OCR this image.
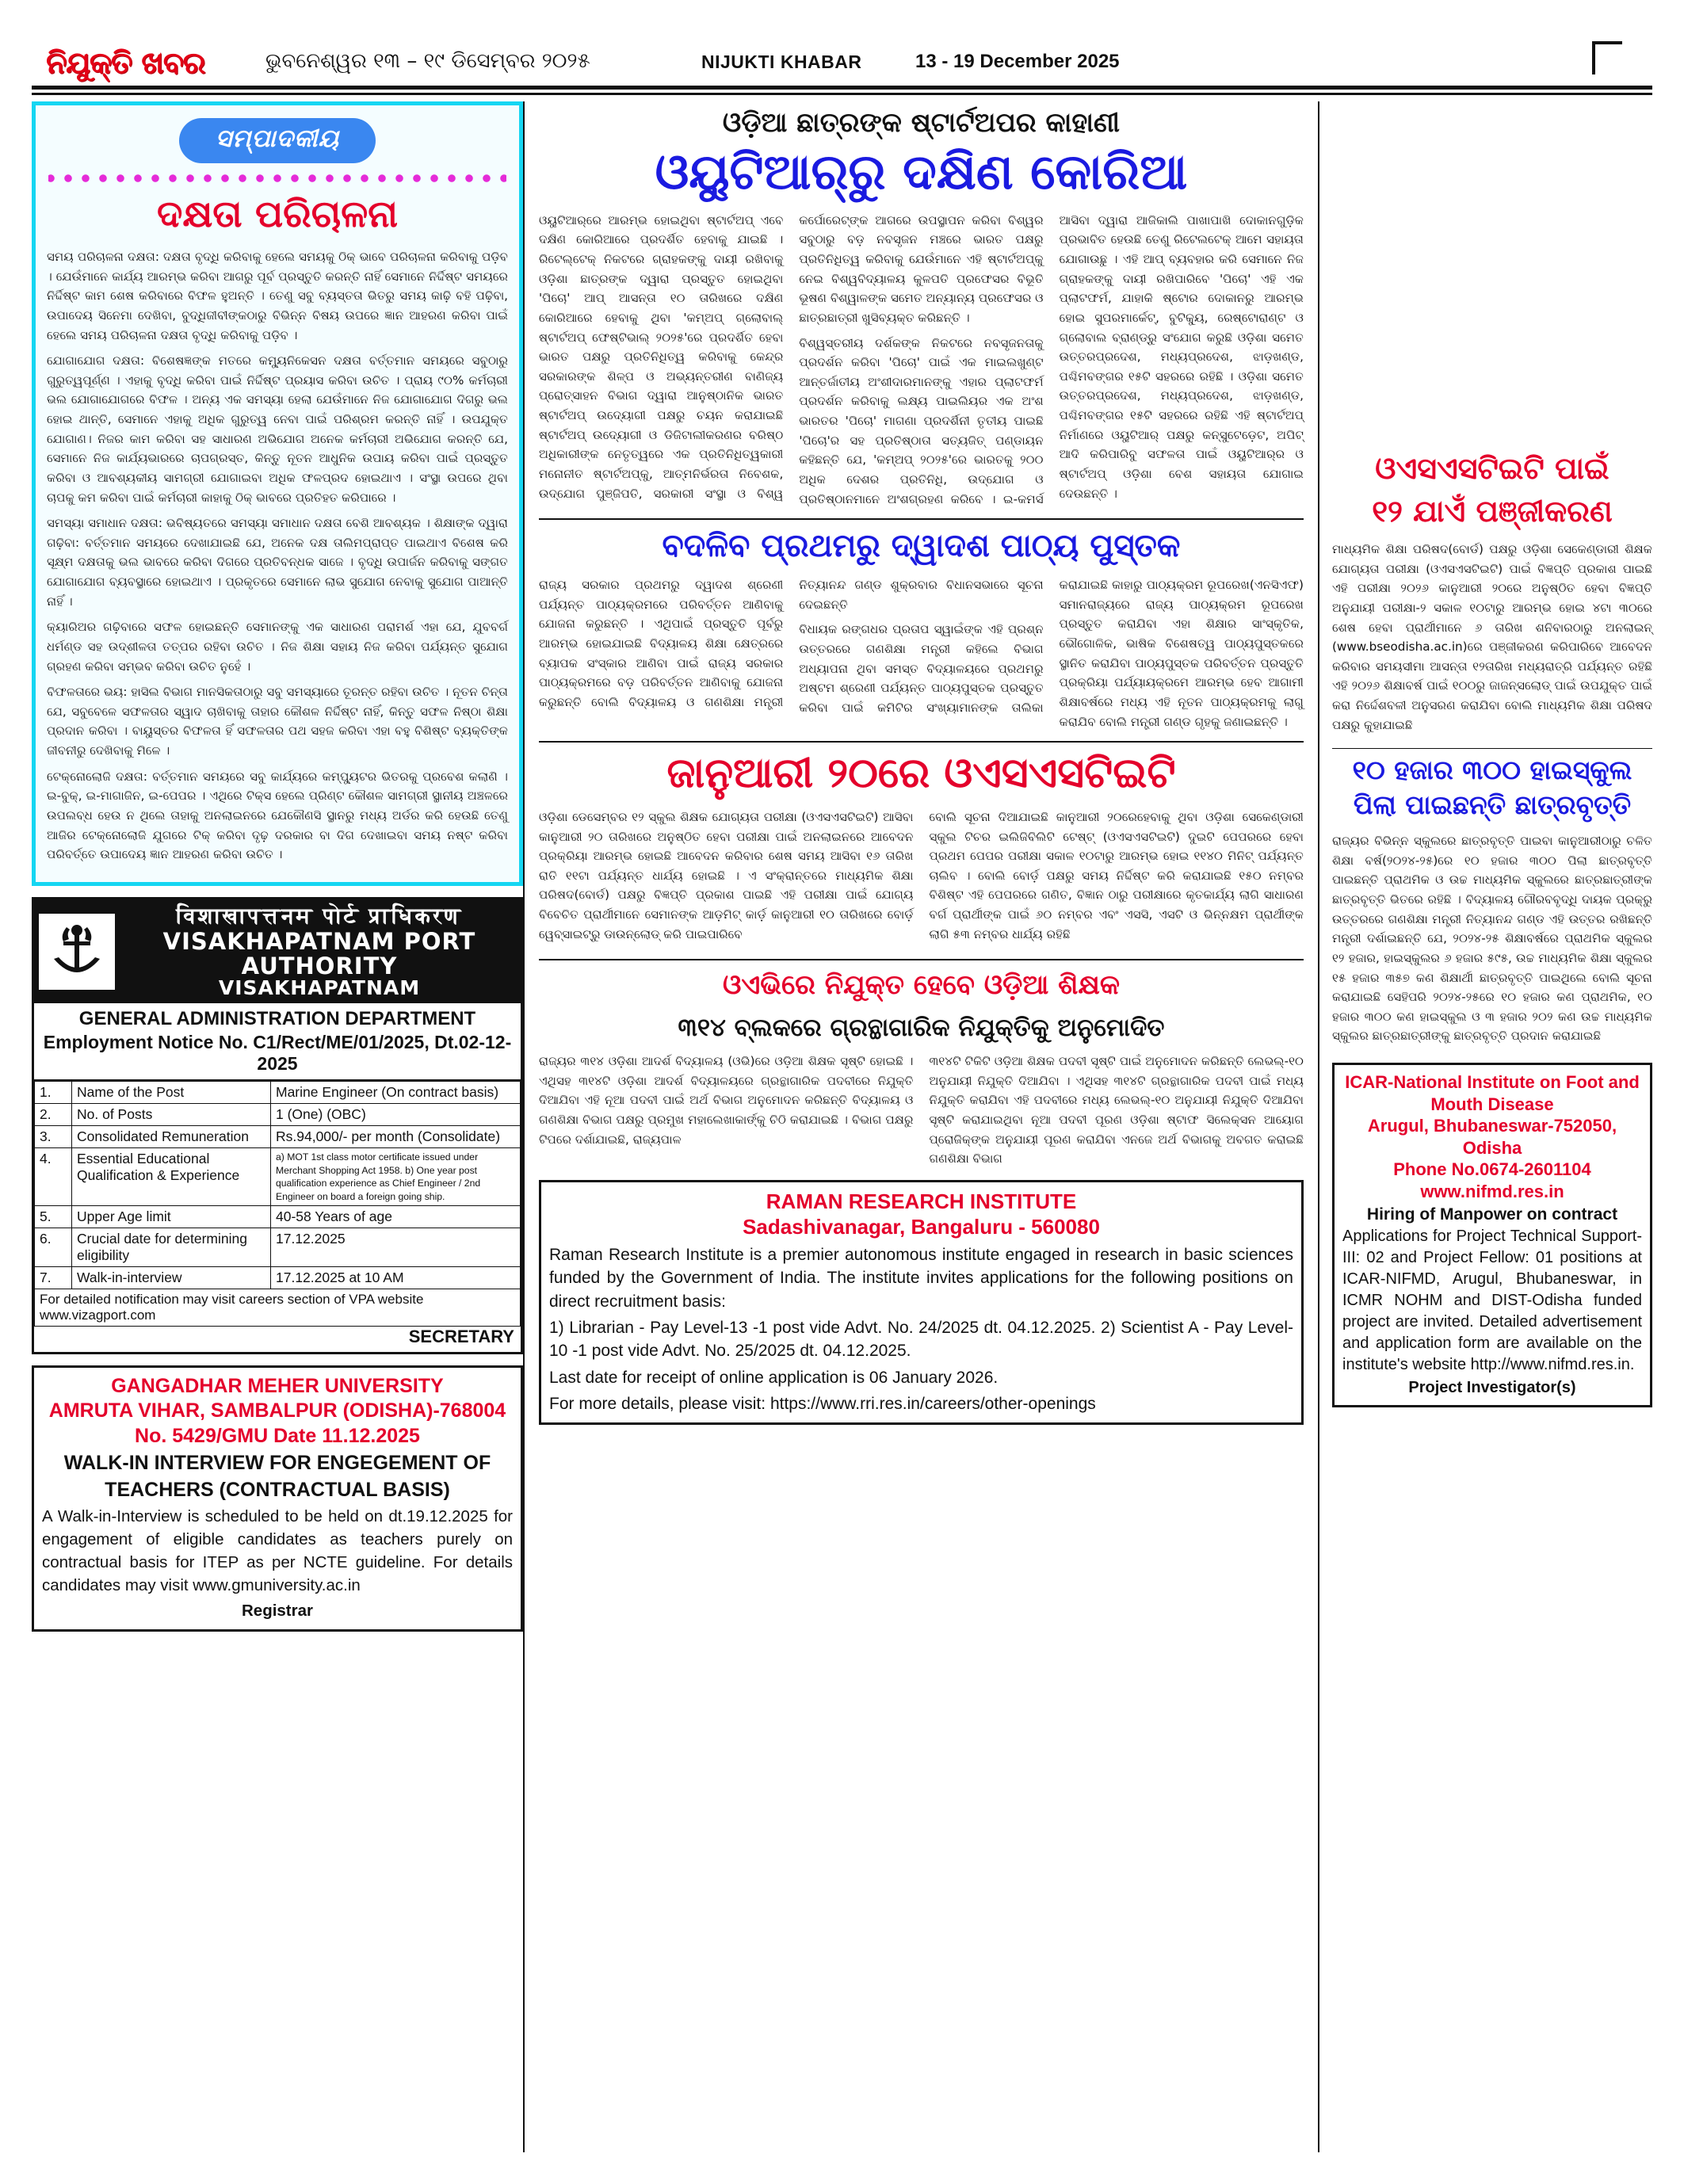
ନିଯୁକ୍ତି ଖବର	ଭୁବନେଶ୍ୱର ୧୩ – ୧୯ ଡିସେମ୍ବର ୨୦୨୫	NIJUKTI KHABAR	13 - 19 December 2025
ସମ୍ପାଦକୀୟ
ଦକ୍ଷତା ପରିଚାଳନା

ସମୟ ପରିଚାଳନା ଦକ୍ଷତା: ଦକ୍ଷତା ବୃଦ୍ଧି କରିବାକୁ ହେଲେ ସମୟକୁ ଠିକ୍ ଭାବେ ପରିଚାଳନା କରିବାକୁ ପଡ଼ିବ । ଯେଉଁମାନେ କାର୍ଯ୍ୟ ଆରମ୍ଭ କରିବା ଆଗରୁ ପୂର୍ବ ପ୍ରସ୍ତୁତି କରନ୍ତି ନାହିଁ ସେମାନେ ନିର୍ଦ୍ଦିଷ୍ଟ ସମୟରେ ନିର୍ଦ୍ଦିଷ୍ଟ କାମ ଶେଷ କରିବାରେ ବିଫଳ ହୁଅନ୍ତି । ତେଣୁ ସବୁ ବ୍ୟସ୍ତତା ଭିତରୁ ସମୟ କାଢ଼ି ବହି ପଢ଼ିବା, ଉପାଦେୟ ସିନେମା ଦେଖିବା, ବୁଦ୍ଧିଜୀବୀଙ୍କଠାରୁ ବିଭିନ୍ନ ବିଷୟ ଉପରେ ଜ୍ଞାନ ଆହରଣ କରିବା ପାଇଁ ହେଲେ ସମୟ ପରିଚାଳନା ଦକ୍ଷତା ବୃଦ୍ଧି କରିବାକୁ ପଡ଼ିବ ।

ଯୋଗାଯୋଗ ଦକ୍ଷତା: ବିଶେଷଜ୍ଞଙ୍କ ମତରେ କମ୍ୟୁନିକେସନ ଦକ୍ଷତା ବର୍ତ୍ତମାନ ସମୟରେ ସବୁଠାରୁ ଗୁରୁତ୍ୱପୂର୍ଣ୍ଣ । ଏହାକୁ ବୃଦ୍ଧି କରିବା ପାଇଁ ନିର୍ଦ୍ଦିଷ୍ଟ ପ୍ରୟାସ କରିବା ଉଚିତ । ପ୍ରାୟ ୯୦% କର୍ମଚାରୀ ଭଲ ଯୋଗାଯୋଗରେ ବିଫଳ । ଅନ୍ୟ ଏକ ସମସ୍ୟା ହେଲା ଯେଉଁମାନେ ନିଜ ଯୋଗାଯୋଗ ଦିଗରୁ ଭଲ ହୋଇ ଥାନ୍ତି, ସେମାନେ ଏହାକୁ ଅଧିକ ଗୁରୁତ୍ୱ ନେବା ପାଇଁ ପରିଶ୍ରମ କରନ୍ତି ନାହିଁ । ଉପଯୁକ୍ତ ଯୋଗାଣ। ନିଜର କାମ କରିବା ସହ ସାଧାରଣ ଅଭିଯୋଗ ଅନେକ କର୍ମଚାରୀ ଅଭିଯୋଗ କରନ୍ତି ଯେ, ସେମାନେ ନିଜ କାର୍ଯ୍ୟଭାରରେ ଚାପଗ୍ରସ୍ତ, କିନ୍ତୁ ନୂତନ ଆଧୁନିକ ଉପାୟ କରିବା ପାଇଁ ପ୍ରସ୍ତୁତ କରିବା ଓ ଆବଶ୍ୟକୀୟ ସାମଗ୍ରୀ ଯୋଗାଇବା ଅଧିକ ଫଳପ୍ରଦ ହୋଇଥାଏ । ସଂସ୍ଥା ଉପରେ ଥିବା ଚାପକୁ କମ କରିବା ପାଇଁ କର୍ମଚାରୀ କାହାକୁ ଠିକ୍ ଭାବରେ ପ୍ରତିହତ କରିପାରେ ।

ସମସ୍ୟା ସମାଧାନ ଦକ୍ଷତା: ଭବିଷ୍ୟତରେ ସମସ୍ୟା ସମାଧାନ ଦକ୍ଷତା ବେଶି ଆବଶ୍ୟକ । ଶିକ୍ଷାଙ୍କ ଦ୍ୱାରା ଗଢ଼ିବା: ବର୍ତ୍ତମାନ ସମୟରେ ଦେଖାଯାଇଛି ଯେ, ଅନେକ ଦକ୍ଷ ତାଲିମପ୍ରାପ୍ତ ପାଇଥାଏ ବିଶେଷ କରି ସୂକ୍ଷ୍ମ ଦକ୍ଷତାକୁ ଭଲ ଭାବରେ କରିବା ଦିଗରେ ପ୍ରତିବନ୍ଧକ ସାଜେ । ବୃଦ୍ଧି ଉପାର୍ଜନ କରିବାକୁ ସଙ୍ଗତ ଯୋଗାଯୋଗ ବ୍ୟବସ୍ଥାରେ ହୋଇଥାଏ । ପ୍ରକୃତରେ ସେମାନେ ଲାଭ ସୁଯୋଗ ନେବାକୁ ସୁଯୋଗ ପାଆନ୍ତି ନାହିଁ ।

କ୍ୟାରିଅର ଗଢ଼ିବାରେ ସଫଳ ହୋଇଛନ୍ତି ସେମାନଙ୍କୁ ଏକ ସାଧାରଣ ପରାମର୍ଶ ଏହା ଯେ, ଯୁବବର୍ଗ ଧର୍ମଣ୍ଡ ସହ ଉଦ୍‌ଶୀଳତା ତତ୍ପର ରହିବା ଉଚିତ । ନିଜ ଶିକ୍ଷା ସହାୟ ନିଜ କରିବା ପର୍ଯ୍ୟନ୍ତ ସୁଯୋଗ ଗ୍ରହଣ କରିବା ସମ୍ଭବ କରିବା ଉଚିତ ନୁହେଁ ।

ବିଫଳତାରେ ଭୟ: ହାସିଲ ବିଭାଗ ମାନସିକତାଠାରୁ ସବୁ ସମସ୍ୟାରେ ତୂରନ୍ତ ରହିବା ଉଚିତ । ନୂତନ ଚିନ୍ତା ଯେ, ସବୁବେଳେ ସଫଳତାର ସ୍ୱାଦ ଚାଖିବାକୁ ତାହାର କୌଶଳ ନିର୍ଦ୍ଦିଷ୍ଟ ନାହିଁ, କିନ୍ତୁ ସଫଳ ନିଷ୍ଠା ଶିକ୍ଷା ପ୍ରଦାନ କରିବା । ବାୟୁସ୍ତର ବିଫଳତା ହିଁ ସଫଳତାର ପଥ ସହଜ କରିବା ଏହା ବହୁ ବିଶିଷ୍ଟ ବ୍ୟକ୍ତିଙ୍କ ଜୀବନୀରୁ ଦେଖିବାକୁ ମିଳେ ।

ଟେକ୍ନୋଲୋଜି ଦକ୍ଷତା: ବର୍ତ୍ତମାନ ସମୟରେ ସବୁ କାର୍ଯ୍ୟରେ କମ୍ପ୍ୟୁଟର ଭିତରକୁ ପ୍ରବେଶ କଲାଣି । ଇ-ବୁକ୍, ଇ-ମାଗାଜିନ, ଇ-ପେପର । ଏଥିରେ ଟିକ୍ସ ହେଲେ ପ୍ରିଣ୍ଟ କୌଶଳ ସାମଗ୍ରୀ ସ୍ଥାନୀୟ ଅଞ୍ଚଳରେ ଉପଲବ୍ଧ ହେଉ ନ ଥିଲେ ତାହାକୁ ଅନଲାଇନରେ ଯେକୌଣସି ସ୍ଥାନରୁ ମଧ୍ୟ ଅର୍ଡର କରି ହେଉଛି ତେଣୁ ଆଜିର ଟେକ୍ନୋଲୋଜି ଯୁଗରେ ଟିକ୍ କରିବା ଦୃଢ଼ ଦରକାର ବା ଦିଗ ଦେଖାଇବା ସମୟ ନଷ୍ଟ କରିବା ପରିବର୍ତ୍ତେ ଉପାଦେୟ ଜ୍ଞାନ ଆହରଣ କରିବା ଉଚିତ ।

विशाखापत्तनम पोर्ट प्राधिकरण
VISAKHAPATNAM PORT AUTHORITY
VISAKHAPATNAM
GENERAL ADMINISTRATION DEPARTMENT
Employment Notice No. C1/Rect/ME/01/2025, Dt.02-12-2025
1.	Name of the Post	Marine Engineer (On contract basis)
2.	No. of Posts	1 (One) (OBC)
3.	Consolidated Remuneration	Rs.94,000/- per month (Consolidate)
4.	Essential Educational Qualification & Experience	a) MOT 1st class motor certificate issued under Merchant Shopping Act 1958. b) One year post qualification experience as Chief Engineer / 2nd Engineer on board a foreign going ship.
5.	Upper Age limit	40-58 Years of age
6.	Crucial date for determining eligibility	17.12.2025
7.	Walk-in-interview	17.12.2025 at 10 AM
For detailed notification may visit careers section of VPA website www.vizagport.com		
SECRETARY
GANGADHAR MEHER UNIVERSITY
AMRUTA VIHAR, SAMBALPUR (ODISHA)-768004
No. 5429/GMU Date 11.12.2025
WALK-IN INTERVIEW FOR ENGEGEMENT OF
TEACHERS (CONTRACTUAL BASIS)
A Walk-in-Interview is scheduled to be held on dt.19.12.2025 for engagement of eligible candidates as teachers purely on contractual basis for ITEP as per NCTE guideline. For details candidates may visit www.gmuniversity.ac.in
Registrar
ଓଡ଼ିଆ ଛାତ୍ରଙ୍କ ଷ୍ଟାର୍ଟଅପର କାହାଣୀ
ଓୟୁଟିଆର୍‌ରୁ ଦକ୍ଷିଣ କୋରିଆ

ଓୟୁଟିଆର୍‌ରେ ଆରମ୍ଭ ହୋଇଥିବା ଷ୍ଟାର୍ଟଅପ୍ ଏବେ ଦକ୍ଷିଣ କୋରିଆରେ ପ୍ରଦର୍ଶିତ ହେବାକୁ ଯାଇଛି । ରିଟେଲ୍‌ଟେକ୍ ନିକଟରେ ଗ୍ରାହକଙ୍କୁ ଦାୟୀ ରଖିବାକୁ ଓଡ଼ିଶା ଛାତ୍ରଙ୍କ ଦ୍ୱାରା ପ୍ରସ୍ତୁତ ହୋଇଥିବା 'ପିଚୋ' ଆପ୍ ଆସନ୍ତା ୧୦ ତାରିଖରେ ଦକ୍ଷିଣ କୋରିଆରେ ହେବାକୁ ଥିବା 'କମ୍‌ଅପ୍ ଗ୍ଲୋବାଲ୍ ଷ୍ଟାର୍ଟଅପ୍ ଫେଷ୍ଟିଭାଲ୍ ୨୦୨୫'ରେ ପ୍ରଦର୍ଶିତ ହେବା ଭାରତ ପକ୍ଷରୁ ପ୍ରତିନିଧିତ୍ୱ କରିବାକୁ କେନ୍ଦ୍ର ସରକାରଙ୍କ ଶିଳ୍ପ ଓ ଅଭ୍ୟନ୍ତରୀଣ ବାଣିଜ୍ୟ ପ୍ରୋତ୍ସାହନ ବିଭାଗ ଦ୍ୱାରା ଆନୁଷ୍ଠାନିକ ଭାରତ ଷ୍ଟାର୍ଟଅପ୍ ଉଦ୍ୟୋଗୀ ପକ୍ଷରୁ ଚୟନ କରାଯାଇଛି ଷ୍ଟାର୍ଟଅପ୍ ଉଦ୍ୟୋଗୀ ଓ ଡିଜିଟାଲୀକରଣର ବରିଷ୍ଠ ଅଧିକାରୀଙ୍କ ନେତୃତ୍ୱରେ ଏକ ପ୍ରତିନିଧିତ୍ୱକାରୀ ମନୋନୀତ ଷ୍ଟାର୍ଟଅପ୍‌କୁ, ଆତ୍ମନିର୍ଭରତା ନିବେଶକ, ଉଦ୍‌ଯୋଗ ପୁଞ୍ଜିପତି, ସରକାରୀ ସଂସ୍ଥା ଓ ବିଶ୍ୱ କର୍ପୋରେଟ୍‌ଙ୍କ ଆଗରେ ଉପସ୍ଥାପନ କରିବା ବିଶ୍ୱର ସବୁଠାରୁ ବଡ଼ ନବସୃଜନ ମଞ୍ଚରେ ଭାରତ ପକ୍ଷରୁ ପ୍ରତିନିଧିତ୍ୱ କରିବାକୁ ଯେଉଁମାନେ ଏହି ଷ୍ଟାର୍ଟଅପ୍‌କୁ ନେଇ ବିଶ୍ୱବିଦ୍ୟାଳୟ କୁଳପତି ପ୍ରଫେସର ବିଭୂତି ଭୂଷଣ ବିଶ୍ୱାଳଙ୍କ ସମେତ ଅନ୍ୟାନ୍ୟ ପ୍ରଫେସର ଓ ଛାତ୍ରଛାତ୍ରୀ ଖୁସିବ୍ୟକ୍ତ କରିଛନ୍ତି ।

ବିଶ୍ୱସ୍ତରୀୟ ଦର୍ଶକଙ୍କ ନିକଟରେ ନବସୃଜନତାକୁ ପ୍ରଦର୍ଶନ କରିବା 'ପିଚୋ' ପାଇଁ ଏକ ମାଇଲଖୁଣ୍ଟ ଆନ୍ତର୍ଜାତୀୟ ଅଂଶୀଦାରମାନଙ୍କୁ ଏହାର ପ୍ଲାଟଫର୍ମ ପ୍ରଦର୍ଶନ କରିବାକୁ ଲକ୍ଷ୍ୟ ପାଇଲିୟର ଏକ ଅଂଶ ଭାରତର 'ପିଚୋ' ମାଗଣା ପ୍ରଦର୍ଶିନୀ ତୃତୀୟ ପାଇଛି 'ପିଚୋ'ର ସହ ପ୍ରତିଷ୍ଠାତା ସତ୍ୟଜିତ୍ ପଣ୍ଡାୟନ କହିଛନ୍ତି ଯେ, 'କମ୍‌ଅପ୍ ୨୦୨୫'ରେ ଭାରତକୁ ୨୦୦ ଅଧିକ ଦେଶର ପ୍ରତିନିଧି, ଉଦ୍‌ଯୋଗ ଓ ପ୍ରତିଷ୍ଠାନମାନେ ଅଂଶଗ୍ରହଣ କରିବେ । ଇ-କମର୍ସ ଆସିବା ଦ୍ୱାରା ଆଜିକାଲି ପାଖାପାଖି ଦୋକାନଗୁଡ଼ିକ ପ୍ରଭାବିତ ହେଉଛି ତେଣୁ ରିଟେଲଟେକ୍ ଆମେ ସହାୟତା ଯୋଗାଉଛୁ । ଏହି ଆପ୍ ବ୍ୟବହାର କରି ସେମାନେ ନିଜ ଗ୍ରାହକଙ୍କୁ ଦାୟୀ ରଖିପାରିବେ 'ପିଚୋ' ଏହି ଏକ ପ୍ଲାଟଫର୍ମ, ଯାହାକି ଷ୍ଟୋର ଦୋକାନରୁ ଆରମ୍ଭ ହୋଇ ସୁପରମାର୍କେଟ୍, ବୁଟିକ୍ୟୁ, ରେଷ୍ଟୋରାଣ୍ଟ ଓ ଗ୍ଲୋବାଲ ବ୍ରାଣ୍ଡ୍‌ରୁ ସଂଯୋଗ କରୁଛି ଓଡ଼ିଶା ସମେତ ଉତ୍ତରପ୍ରଦେଶ, ମଧ୍ୟପ୍ରଦେଶ, ଝାଡ଼ଖଣ୍ଡ, ପଶ୍ଚିମବଙ୍ଗର ୧୫ଟି ସହରରେ ରହିଛି । ଓଡ଼ିଶା ସମେତ ଉତ୍ତରପ୍ରଦେଶ, ମଧ୍ୟପ୍ରଦେଶ, ଝାଡ଼ଖଣ୍ଡ, ପଶ୍ଚିମବଙ୍ଗର ୧୫ଟି ସହରରେ ରହିଛି ଏହି ଷ୍ଟାର୍ଟଅପ୍ ନିର୍ମାଣରେ ଓୟୁଟିଆର୍ ପକ୍ଷରୁ କନ୍‌ସୁଟେଡ଼େଟ, ଅପିଟ୍ ଆଦି କରିପାରିବୁ ସଫଳତା ପାଇଁ ଓୟୁଟିଆର୍‌ର ଓ ଷ୍ଟାର୍ଟଅପ୍ ଓଡ଼ିଶା ବେଶ ସହାୟତା ଯୋଗାଇ ଦେଉଛନ୍ତି ।

ବଦଳିବ ପ୍ରଥମରୁ ଦ୍ୱାଦଶ ପାଠ୍ୟ ପୁସ୍ତକ

ରାଜ୍ୟ ସରକାର ପ୍ରଥମରୁ ଦ୍ୱାଦଶ ଶ୍ରେଣୀ ପର୍ଯ୍ୟନ୍ତ ପାଠ୍ୟକ୍ରମରେ ପରିବର୍ତ୍ତନ ଆଣିବାକୁ ଯୋଜନା କରୁଛନ୍ତି । ଏଥିପାଇଁ ପ୍ରସ୍ତୁତି ପୂର୍ବରୁ ଆରମ୍ଭ ହୋଇଯାଇଛି ବିଦ୍ୟାଳୟ ଶିକ୍ଷା କ୍ଷେତ୍ରରେ ବ୍ୟାପକ ସଂସ୍କାର ଆଣିବା ପାଇଁ ରାଜ୍ୟ ସରକାର ପାଠ୍ୟକ୍ରମରେ ବଡ଼ ପରିବର୍ତ୍ତନ ଆଣିବାକୁ ଯୋଜନା କରୁଛନ୍ତି ବୋଲି ବିଦ୍ୟାଳୟ ଓ ଗଣଶିକ୍ଷା ମନ୍ତ୍ରୀ ନିତ୍ୟାନନ୍ଦ ଗଣ୍ଡ ଶୁକ୍ରବାର ବିଧାନସଭାରେ ସୂଚନା ଦେଇଛନ୍ତି

ବିଧାୟକ ରଙ୍ଗଧର ପ୍ରତାପ ସ୍ୱାଇଁଙ୍କ ଏହି ପ୍ରଶ୍ନ ଉତ୍ତରରେ ଗଣଶିକ୍ଷା ମନ୍ତ୍ରୀ କହିଲେ ବିଭାଗ ଅଧ୍ୟାପନା ଥିବା ସମସ୍ତ ବିଦ୍ୟାଳୟରେ ପ୍ରଥମରୁ ଅଷ୍ଟମ ଶ୍ରେଣୀ ପର୍ଯ୍ୟନ୍ତ ପାଠ୍ୟପୁସ୍ତକ ପ୍ରସ୍ତୁତ କରିବା ପାଇଁ କମିଟିର ସଂଖ୍ୟାମାନଙ୍କ ତାଲିକା କରାଯାଇଛି କାହାରୁ ପାଠ୍ୟକ୍ରମ ରୂପରେଖ(ଏନସିଏଫ) ସମାନରାଜ୍ୟରେ ରାଜ୍ୟ ପାଠ୍ୟକ୍ରମ ରୂପରେଖ ପ୍ରସ୍ତୁତ କରାଯିବା ଏହା ଶିକ୍ଷାର ସାଂସ୍କୃତିକ, ଭୌଗୋଳିକ, ଭାଷିକ ବିଶେଷତ୍ୱ ପାଠ୍ୟପୁସ୍ତକରେ ସ୍ଥାନିତ କରାଯିବା ପାଠ୍ୟପୁସ୍ତକ ପରିବର୍ତ୍ତନ ପ୍ରସ୍ତୁତି ପ୍ରକ୍ରିୟା ପର୍ଯ୍ୟାୟକ୍ରମେ ଆରମ୍ଭ ହେବ ଆଗାମୀ ଶିକ୍ଷାବର୍ଷରେ ମଧ୍ୟ ଏହି ନୂତନ ପାଠ୍ୟକ୍ରମକୁ ଲାଗୁ କରାଯିବ ବୋଲି ମନ୍ତ୍ରୀ ଗଣ୍ଡ ଗୃହକୁ ଜଣାଇଛନ୍ତି ।

ଜାନୁଆରୀ ୨୦ରେ ଓଏସଏସଟିଇଟି

ଓଡ଼ିଶା ଡେସେମ୍ବର ୧୨ ସ୍କୁଲ ଶିକ୍ଷକ ଯୋଗ୍ୟତା ପରୀକ୍ଷା (ଓଏସଏସଟିଇଟି) ଆସିବା କାନୁଆରୀ ୨୦ ତାରିଖରେ ଅନୁଷ୍ଠିତ ହେବା ପରୀକ୍ଷା ପାଇଁ ଅନଲାଇନରେ ଆବେଦନ ପ୍ରକ୍ରିୟା ଆରମ୍ଭ ହୋଇଛି ଆବେଦନ କରିବାର ଶେଷ ସମୟ ଆସିବା ୧୬ ତାରିଖ ରାତି ୧୧ଟା ପର୍ଯ୍ୟନ୍ତ ଧାର୍ଯ୍ୟ ହୋଇଛି । ଏ ସଂକ୍ରାନ୍ତରେ ମାଧ୍ୟମିକ ଶିକ୍ଷା ପରିଷଦ(ବୋର୍ଡ) ପକ୍ଷରୁ ବିଜ୍ଞପ୍ତି ପ୍ରକାଶ ପାଇଛି ଏହି ପରୀକ୍ଷା ପାଇଁ ଯୋଗ୍ୟ ବିବେଚିତ ପ୍ରାର୍ଥୀମାନେ ସେମାନଙ୍କ ଆଡ଼ମିଟ୍ କାର୍ଡ଼ କାନୁଆରୀ ୧୦ ତାରିଖରେ ବୋର୍ଡ଼ ୱେବ୍‌ସାଇଟ୍‌ରୁ ଡାଉନ୍‌ଲୋଡ୍ କରି ପାଇପାରିବେ

ବୋଲି ସୂଚନା ଦିଆଯାଇଛି କାନୁଆରୀ ୨୦ରେହେବାକୁ ଥିବା ଓଡ଼ିଶା ସେକେଣ୍ଡାରୀ ସ୍କୁଲ ଟିଚର ଇଲିଜିବିଲିଟି ଟେଷ୍ଟ୍ (ଓଏସଏସଟିଇଟି) ଦୁଇଟି ପେପରରେ ହେବା ପ୍ରଥମ ପେପର ପରୀକ୍ଷା ସକାଳ ୧୦ଟାରୁ ଆରମ୍ଭ ହୋଇ ୧୧୪୦ ମିନିଟ୍ ପର୍ଯ୍ୟନ୍ତ ଚାଲିବ । ବୋଲି ବୋର୍ଡ଼ ପକ୍ଷରୁ ସମୟ ନିର୍ଦ୍ଦିଷ୍ଟ କରି କରାଯାଇଛି ୧୫୦ ନମ୍ବର ବିଶିଷ୍ଟ ଏହି ପେପରରେ ଗଣିତ, ବିଜ୍ଞାନ ଠାରୁ ପରୀକ୍ଷାରେ କୃତକାର୍ଯ୍ୟ ଲାଗି ସାଧାରଣ ବର୍ଗ ପ୍ରାର୍ଥୀଙ୍କ ପାଇଁ ୬୦ ନମ୍ବର ଏବଂ ଏସସି, ଏସଟି ଓ ଭିନ୍ନକ୍ଷମ ପ୍ରାର୍ଥୀଙ୍କ ଲାଗି ୫୩ ନମ୍ବର ଧାର୍ଯ୍ୟ ରହିଛି

ଓଏଭିରେ ନିଯୁକ୍ତ ହେବେ ଓଡ଼ିଆ ଶିକ୍ଷକ
୩୧୪ ବ୍ଲକରେ ଗ୍ରନ୍ଥାଗାରିକ ନିଯୁକ୍ତିକୁ ଅନୁମୋଦିତ

ରାଜ୍ୟର ୩୧୪ ଓଡ଼ିଶା ଆଦର୍ଶ ବିଦ୍ୟାଳୟ (ଓଭି)ରେ ଓଡ଼ିଆ ଶିକ୍ଷକ ସୃଷ୍ଟି ହୋଇଛି । ଏଥିସହ ୩୧୪ଟି ଓଡ଼ିଶା ଆଦର୍ଶ ବିଦ୍ୟାଳୟରେ ଗ୍ରନ୍ଥାଗାରିକ ପଦବୀରେ ନିଯୁକ୍ତି ଦିଆଯିବା ଏହି ନୂଆ ପଦବୀ ପାଇଁ ଅର୍ଥ ବିଭାଗ ଅନୁମୋଦନ କରିଛନ୍ତି ବିଦ୍ୟାଳୟ ଓ ଗଣଶିକ୍ଷା ବିଭାଗ ପକ୍ଷରୁ ପ୍ରମୁଖ ମହାଲେଖାକାର୍ଙ୍କୁ ଚିଠି କରାଯାଇଛି । ବିଭାଗ ପକ୍ଷରୁ ଟିପରେ ଦର୍ଶାଯାଇଛି, ରାଜ୍ୟପାଳ

୩୧୪ଟି ଟିକିଟି ଓଡ଼ିଆ ଶିକ୍ଷକ ପଦବୀ ସୃଷ୍ଟି ପାଇଁ ଅନୁମୋଦନ କରିଛନ୍ତି ଲେଭଲ୍-୧୦ ଅନୁଯାୟୀ ନିଯୁକ୍ତି ଦିଆଯିବା । ଏଥିସହ ୩୧୪ଟି ଗ୍ରନ୍ଥାଗାରିକ ପଦବୀ ପାଇଁ ମଧ୍ୟ ନିଯୁକ୍ତି କରାଯିବା ଏହି ପଦବୀରେ ମଧ୍ୟ ଲେଭଲ୍-୧୦ ଅନୁଯାୟୀ ନିଯୁକ୍ତି ଦିଆଯିବା ସୃଷ୍ଟି କରାଯାଇଥିବା ନୂଆ ପଦବୀ ପୂରଣ ଓଡ଼ିଶା ଷ୍ଟାଫ ସିଲେକ୍ସନ ଆୟୋଗ ପ୍ରୋଜିକ୍‌ଙ୍କ ଅନୁଯାୟୀ ପୂରଣ କରାଯିବା ଏନଜେ ଅର୍ଥ ବିଭାଗକୁ ଅବଗତ କରାଇଛି ଗଣଶିକ୍ଷା ବିଭାଗ

RAMAN RESEARCH INSTITUTE
Sadashivanagar, Bangaluru - 560080
Raman Research Institute is a premier autonomous institute engaged in research in basic sciences funded by the Government of India. The institute invites applications for the following positions on direct recruitment basis:
1) Librarian - Pay Level-13 -1 post vide Advt. No. 24/2025 dt. 04.12.2025. 2) Scientist A - Pay Level-10 -1 post vide Advt. No. 25/2025 dt. 04.12.2025.
Last date for receipt of online application is 06 January 2026.
For more details, please visit: https://www.rri.res.in/careers/other-openings
ଓଏସଏସଟିଇଟି ପାଇଁ
୧୨ ଯାଏଁ ପଞ୍ଜୀକରଣ

ମାଧ୍ୟମିକ ଶିକ୍ଷା ପରିଷଦ(ବୋର୍ଡ) ପକ୍ଷରୁ ଓଡ଼ିଶା ସେକେଣ୍ଡାରୀ ଶିକ୍ଷକ ଯୋଗ୍ୟତା ପରୀକ୍ଷା (ଓଏସଏସଟିଇଟି) ପାଇଁ ବିଜ୍ଞପ୍ତି ପ୍ରକାଶ ପାଇଛି ଏହି ପରୀକ୍ଷା ୨୦୨୬ କାନୁଆରୀ ୨୦ରେ ଅନୁଷ୍ଠିତ ହେବା ବିଜ୍ଞପ୍ତି ଅନୁଯାୟୀ ପରୀକ୍ଷା-୨ ସକାଳ ୧୦ଟାରୁ ଆରମ୍ଭ ହୋଇ ୪ଟା ୩୦ରେ ଶେଷ ହେବା ପ୍ରାର୍ଥୀମାନେ ୬ ତାରିଖ ଶନିବାରଠାରୁ ଅନଲାଇନ୍ (www.bseodisha.ac.in)ରେ ପଞ୍ଜୀକରଣ କରିପାରିବେ ଆବେଦନ କରିବାର ସମୟସୀମା ଆସନ୍ତା ୧୨ତାରିଖ ମଧ୍ୟରାତ୍ରି ପର୍ଯ୍ୟନ୍ତ ରହିଛି ଏହି ୨୦୨୬ ଶିକ୍ଷାବର୍ଷ ପାଇଁ ୧୦୦ରୁ ଜାଜନ୍ସଲୋଡ୍ ପାଇଁ ଉପଯୁକ୍ତ ପାଇଁ କରା ନିର୍ଦ୍ଦେଶବଳୀ ଅନୁସରଣ କରାଯିବା ବୋଲି ମାଧ୍ୟମିକ ଶିକ୍ଷା ପରିଷଦ ପକ୍ଷରୁ କୁହାଯାଇଛି

୧୦ ହଜାର ୩୦୦ ହାଇସ୍କୁଲ
ପିଲା ପାଇଛନ୍ତି ଛାତ୍ରବୃତ୍ତି

ରାଜ୍ୟର ବିଭିନ୍ନ ସ୍କୁଲରେ ଛାତ୍ରବୃତ୍ତି ପାଇବା କାନୁଆରୀଠାରୁ ଚଳିତ ଶିକ୍ଷା ବର୍ଷ(୨୦୨୪-୨୫)ରେ ୧୦ ହଜାର ୩୦୦ ପିଲା ଛାତ୍ରବୃତ୍ତି ପାଇଛନ୍ତି ପ୍ରାଥମିକ ଓ ଉଚ୍ଚ ମାଧ୍ୟମିକ ସ୍କୁଲରେ ଛାତ୍ରଛାତ୍ରୀଙ୍କ ଛାତ୍ରବୃତ୍ତି ଭିତରେ ରହିଛି । ବିଦ୍ୟାଳୟ ଗୌରବବୃଦ୍ଧି ଦାୟକ ପ୍ରକ୍ରୁ ଉତ୍ତରରେ ଗଣଶିକ୍ଷା ମନ୍ତ୍ରୀ ନିତ୍ୟାନନ୍ଦ ଗଣ୍ଡ ଏହି ଉତ୍ତର ରଖିଛନ୍ତି ମନ୍ତ୍ରୀ ଦର୍ଶାଇଛନ୍ତି ଯେ, ୨୦୨୪-୨୫ ଶିକ୍ଷାବର୍ଷରେ ପ୍ରାଥମିକ ସ୍କୁଲର ୧୨ ହଜାର, ହାଇସ୍କୁଲର ୬ ହଜାର ୫୯୫, ଉଚ୍ଚ ମାଧ୍ୟମିକ ଶିକ୍ଷା ସ୍କୁଲର ୧୫ ହଜାର ୩୫୭ କଣ ଶିକ୍ଷାର୍ଥୀ ଛାତ୍ରବୃତ୍ତି ପାଇଥିଲେ ବୋଲି ସୂଚନା କରାଯାଇଛି ସେହିପରି ୨୦୨୪-୨୫ରେ ୧୦ ହଜାର କଣ ପ୍ରାଥମିକ, ୧୦ ହଜାର ୩୦୦ କଣ ହାଇସ୍କୁଲ ଓ ୩ ହଜାର ୨୦୨ କଣ ଉଚ୍ଚ ମାଧ୍ୟମିକ ସ୍କୁଲର ଛାତ୍ରଛାତ୍ରୀଙ୍କୁ ଛାତ୍ରବୃତ୍ତି ପ୍ରଦାନ କରାଯାଇଛି

ICAR-National Institute on Foot and Mouth Disease
Arugul, Bhubaneswar-752050, Odisha
Phone No.0674-2601104
www.nifmd.res.in
Hiring of Manpower on contract
Applications for Project Technical Support-III: 02 and Project Fellow: 01 positions at ICAR-NIFMD, Arugul, Bhubaneswar, in ICMR NOHM and DIST-Odisha funded project are invited. Detailed advertisement and application form are available on the institute's website http://www.nifmd.res.in.
Project Investigator(s)
